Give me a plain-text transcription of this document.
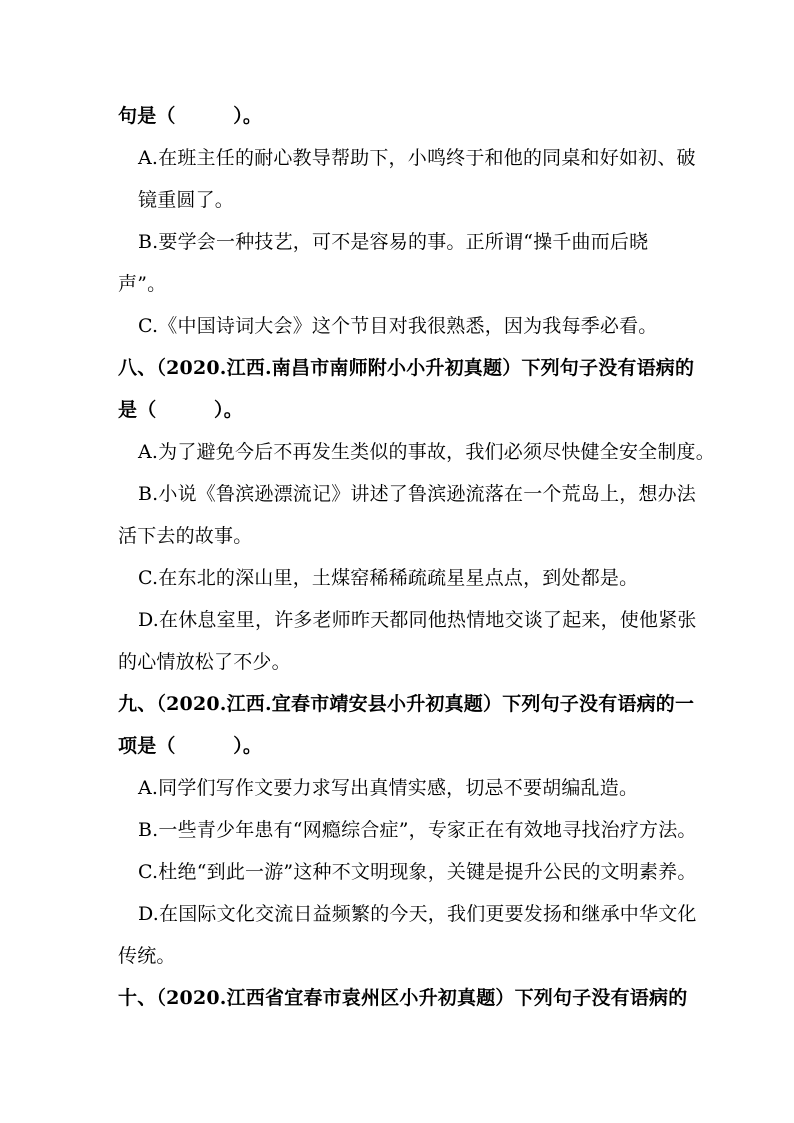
句是（　　　）。
A.在班主任的耐心教导帮助下，小鸣终于和他的同桌和好如初、破
镜重圆了。
B.要学会一种技艺，可不是容易的事。正所谓“操千曲而后晓
声”。
C.《中国诗词大会》这个节目对我很熟悉，因为我每季必看。
八、（2020.江西.南昌市南师附小小升初真题）下列句子没有语病的
是（　　　）。
A.为了避免今后不再发生类似的事故，我们必须尽快健全安全制度。
B.小说《鲁滨逊漂流记》讲述了鲁滨逊流落在一个荒岛上，想办法
活下去的故事。
C.在东北的深山里，土煤窑稀稀疏疏星星点点，到处都是。
D.在休息室里，许多老师昨天都同他热情地交谈了起来，使他紧张
的心情放松了不少。
九、（2020.江西.宜春市靖安县小升初真题）下列句子没有语病的一
项是（　　　）。
A.同学们写作文要力求写出真情实感，切忌不要胡编乱造。
B.一些青少年患有“网瘾综合症”，专家正在有效地寻找治疗方法。
C.杜绝“到此一游”这种不文明现象，关键是提升公民的文明素养。
D.在国际文化交流日益频繁的今天，我们更要发扬和继承中华文化
传统。
十、（2020.江西省宜春市袁州区小升初真题）下列句子没有语病的
